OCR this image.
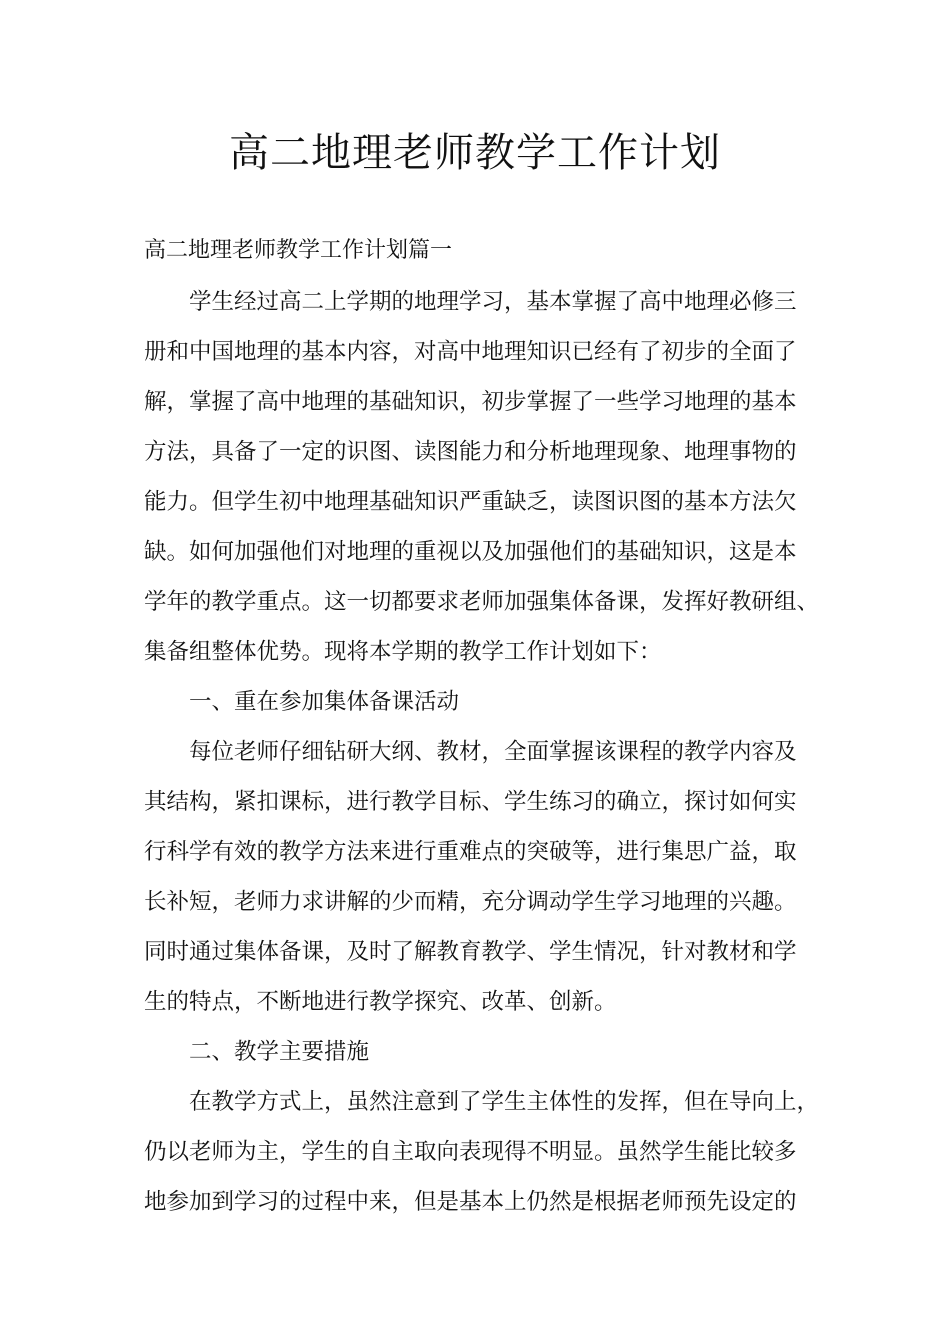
高二地理老师教学工作计划

高二地理老师教学工作计划篇一

学生经过高二上学期的地理学习，基本掌握了高中地理必修三
册和中国地理的基本内容，对高中地理知识已经有了初步的全面了
解，掌握了高中地理的基础知识，初步掌握了一些学习地理的基本
方法，具备了一定的识图、读图能力和分析地理现象、地理事物的
能力。但学生初中地理基础知识严重缺乏，读图识图的基本方法欠
缺。如何加强他们对地理的重视以及加强他们的基础知识，这是本
学年的教学重点。这一切都要求老师加强集体备课，发挥好教研组、
集备组整体优势。现将本学期的教学工作计划如下：
一、重在参加集体备课活动
每位老师仔细钻研大纲、教材，全面掌握该课程的教学内容及
其结构，紧扣课标，进行教学目标、学生练习的确立，探讨如何实
行科学有效的教学方法来进行重难点的突破等，进行集思广益，取
长补短，老师力求讲解的少而精，充分调动学生学习地理的兴趣。
同时通过集体备课，及时了解教育教学、学生情况，针对教材和学
生的特点，不断地进行教学探究、改革、创新。
二、教学主要措施
在教学方式上，虽然注意到了学生主体性的发挥，但在导向上，
仍以老师为主，学生的自主取向表现得不明显。虽然学生能比较多
地参加到学习的过程中来，但是基本上仍然是根据老师预先设定的
